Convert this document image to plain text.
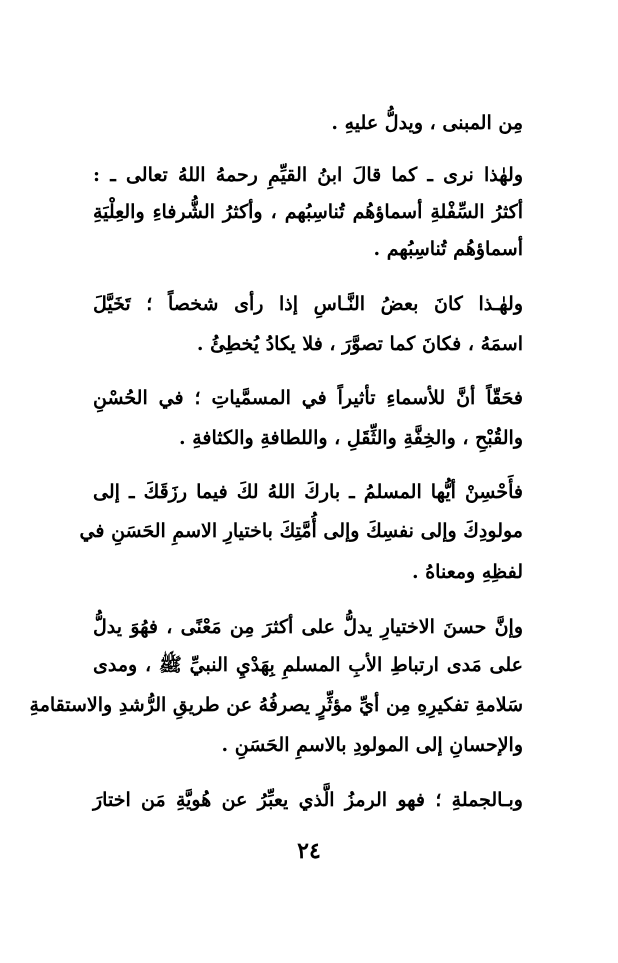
مِن المبنى ، ويدلُّ عليهِ .
ولهٰذا نرى ـ كما قالَ ابنُ القيِّمِ رحمهُ اللهُ تعالى ـ :
أكثرُ السِّفْلةِ أسماؤهُم تُناسِبُهم ، وأكثرُ الشُّرفاءِ والعِلْيَةِ
أسماؤهُم تُناسِبُهم .
ولهٰـذا كانَ بعضُ النَّـاسِ إذا رأى شخصاً ؛ تَخَيَّلَ
اسمَهُ ، فكانَ كما تصوَّرَ ، فلا يكادُ يُخطِئُ .
فحَقّاً أنَّ للأسماءِ تأثيراً في المسمَّياتِ ؛ في الحُسْنِ
والقُبْحِ ، والخِفَّةِ والثِّقَلِ ، واللطافةِ والكثافةِ .
فأَحْسِنْ أيُّها المسلمُ ـ باركَ اللهُ لكَ فيما رزَقَكَ ـ إلى
مولودِكَ وإلى نفسِكَ وإلى أُمَّتِكَ باختيارِ الاسمِ الحَسَنِ في
لفظِهِ ومعناهُ .
وإنَّ حسنَ الاختيارِ يدلُّ على أكثرَ مِن مَعْنًى ، فهُوَ يدلُّ
على مَدى ارتباطِ الأبِ المسلمِ بِهَدْيِ النبيِّ ﷺ ، ومدى
سَلامةِ تفكيرِهِ مِن أيِّ مؤثِّرٍ يصرفُهُ عن طريقِ الرُّشدِ والاستقامةِ
والإحسانِ إلى المولودِ بالاسمِ الحَسَنِ .
وبـالجملةِ ؛ فهو الرمزُ الَّذي يعبِّرُ عن هُويَّةِ مَن اختارَ
٢٤
